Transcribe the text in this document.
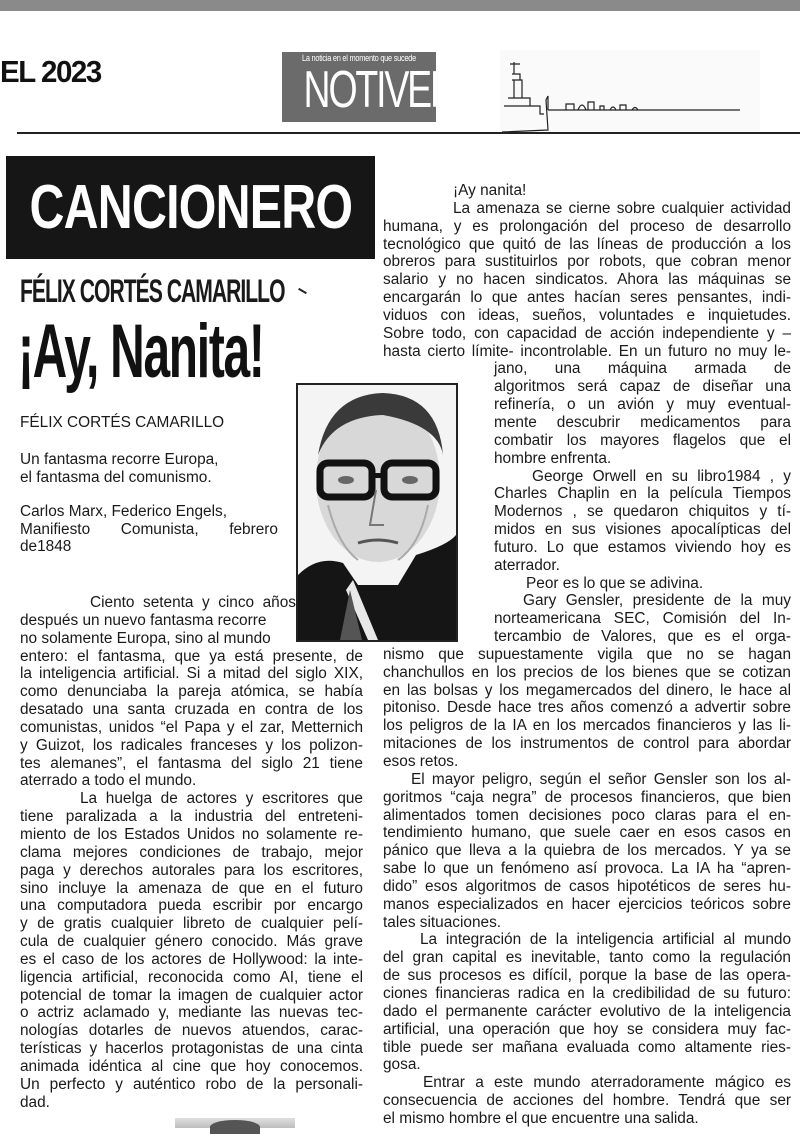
EL 2023	La noticia en el momento que sucede
NOTIVER
CANCIONERO
FÉLIX CORTÉS CAMARILLO
¡Ay, Nanita!
FÉLIX CORTÉS CAMARILLO
Un fantasma recorre Europa,
el fantasma del comunismo.
Carlos Marx, Federico Engels,
Manifiesto Comunista, febrero
de1848

Ciento setenta y cinco años
después un nuevo fantasma recorre
no solamente Europa, sino al mundo
entero: el fantasma, que ya está presente, de
la inteligencia artificial. Si a mitad del siglo XIX,
como denunciaba la pareja atómica, se había
desatado una santa cruzada en contra de los
comunistas, unidos “el Papa y el zar, Metternich
y Guizot, los radicales franceses y los polizon-
tes alemanes”, el fantasma del siglo 21 tiene
aterrado a todo el mundo.

La huelga de actores y escritores que
tiene paralizada a la industria del entreteni-
miento de los Estados Unidos no solamente re-
clama mejores condiciones de trabajo, mejor
paga y derechos autorales para los escritores,
sino incluye la amenaza de que en el futuro
una computadora pueda escribir por encargo
y de gratis cualquier libreto de cualquier pelí-
cula de cualquier género conocido. Más grave
es el caso de los actores de Hollywood: la inte-
ligencia artificial, reconocida como AI, tiene el
potencial de tomar la imagen de cualquier actor
o actriz aclamado y, mediante las nuevas tec-
nologías dotarles de nuevos atuendos, carac-
terísticas y hacerlos protagonistas de una cinta
animada idéntica al cine que hoy conocemos.
Un perfecto y auténtico robo de la personali-
dad.

¡Ay nanita!

La amenaza se cierne sobre cualquier actividad
humana, y es prolongación del proceso de desarrollo
tecnológico que quitó de las líneas de producción a los
obreros para sustituirlos por robots, que cobran menor
salario y no hacen sindicatos. Ahora las máquinas se
encargarán lo que antes hacían seres pensantes, indi-
viduos con ideas, sueños, voluntades e inquietudes.
Sobre todo, con capacidad de acción independiente y –
hasta cierto límite- incontrolable. En un futuro no muy le-

jano, una máquina armada de
algoritmos será capaz de diseñar una
refinería, o un avión y muy eventual-
mente descubrir medicamentos para
combatir los mayores flagelos que el
hombre enfrenta.
George Orwell en su libro1984 , y
Charles Chaplin en la película Tiempos
Modernos , se quedaron chiquitos y tí-
midos en sus visiones apocalípticas del
futuro. Lo que estamos viviendo hoy es
aterrador.
Peor es lo que se adivina.
Gary Gensler, presidente de la muy
norteamericana SEC, Comisión del In-
tercambio de Valores, que es el orga-

nismo que supuestamente vigila que no se hagan
chanchullos en los precios de los bienes que se cotizan
en las bolsas y los megamercados del dinero, le hace al
pitoniso. Desde hace tres años comenzó a advertir sobre
los peligros de la IA en los mercados financieros y las li-
mitaciones de los instrumentos de control para abordar
esos retos.

El mayor peligro, según el señor Gensler son los al-
goritmos “caja negra” de procesos financieros, que bien
alimentados tomen decisiones poco claras para el en-
tendimiento humano, que suele caer en esos casos en
pánico que lleva a la quiebra de los mercados. Y ya se
sabe lo que un fenómeno así provoca. La IA ha “apren-
dido” esos algoritmos de casos hipotéticos de seres hu-
manos especializados en hacer ejercicios teóricos sobre
tales situaciones.

La integración de la inteligencia artificial al mundo
del gran capital es inevitable, tanto como la regulación
de sus procesos es difícil, porque la base de las opera-
ciones financieras radica en la credibilidad de su futuro:
dado el permanente carácter evolutivo de la inteligencia
artificial, una operación que hoy se considera muy fac-
tible puede ser mañana evaluada como altamente ries-
gosa.

Entrar a este mundo aterradoramente mágico es
consecuencia de acciones del hombre. Tendrá que ser
el mismo hombre el que encuentre una salida.
